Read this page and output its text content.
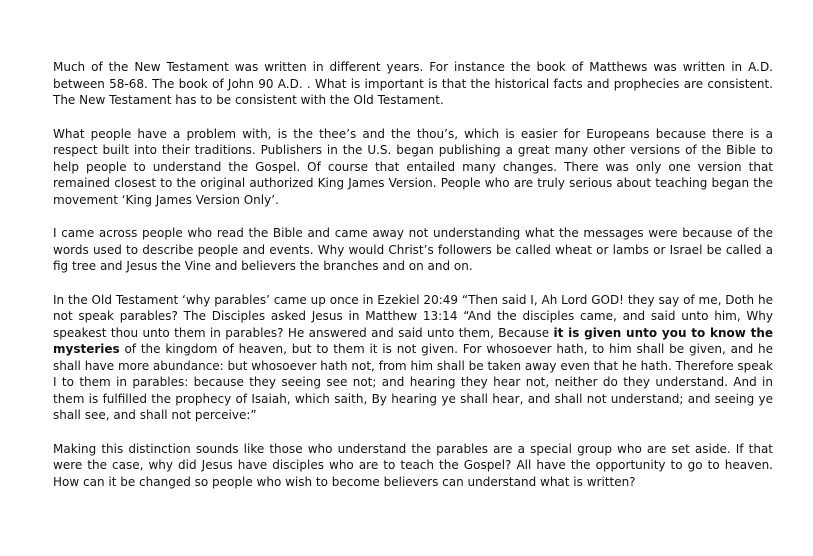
Much of the New Testament was written in different years. For instance the book of Matthews was written in A.D. between 58-68. The book of John 90 A.D. . What is important is that the historical facts and prophecies are consistent. The New Testament has to be consistent with the Old Testament.

What people have a problem with, is the thee’s and the thou’s, which is easier for Europeans because there is a respect built into their traditions. Publishers in the U.S. began publishing a great many other versions of the Bible to help people to understand the Gospel. Of course that entailed many changes. There was only one version that remained closest to the original authorized King James Version. People who are truly serious about teaching began the movement ‘King James Version Only’.

I came across people who read the Bible and came away not understanding what the messages were because of the words used to describe people and events. Why would Christ’s followers be called wheat or lambs or Israel be called a fig tree and Jesus the Vine and believers the branches and on and on.

In the Old Testament ‘why parables’ came up once in Ezekiel 20:49 “Then said I, Ah Lord GOD! they say of me, Doth he not speak parables? The Disciples asked Jesus in Matthew 13:14 “And the disciples came, and said unto him, Why speakest thou unto them in parables? He answered and said unto them, Because it is given unto you to know the mysteries of the kingdom of heaven, but to them it is not given. For whosoever hath, to him shall be given, and he shall have more abundance: but whosoever hath not, from him shall be taken away even that he hath. Therefore speak I to them in parables: because they seeing see not; and hearing they hear not, neither do they understand. And in them is fulfilled the prophecy of Isaiah, which saith, By hearing ye shall hear, and shall not understand; and seeing ye shall see, and shall not perceive:”

Making this distinction sounds like those who understand the parables are a special group who are set aside. If that were the case, why did Jesus have disciples who are to teach the Gospel? All have the opportunity to go to heaven. How can it be changed so people who wish to become believers can understand what is written?
